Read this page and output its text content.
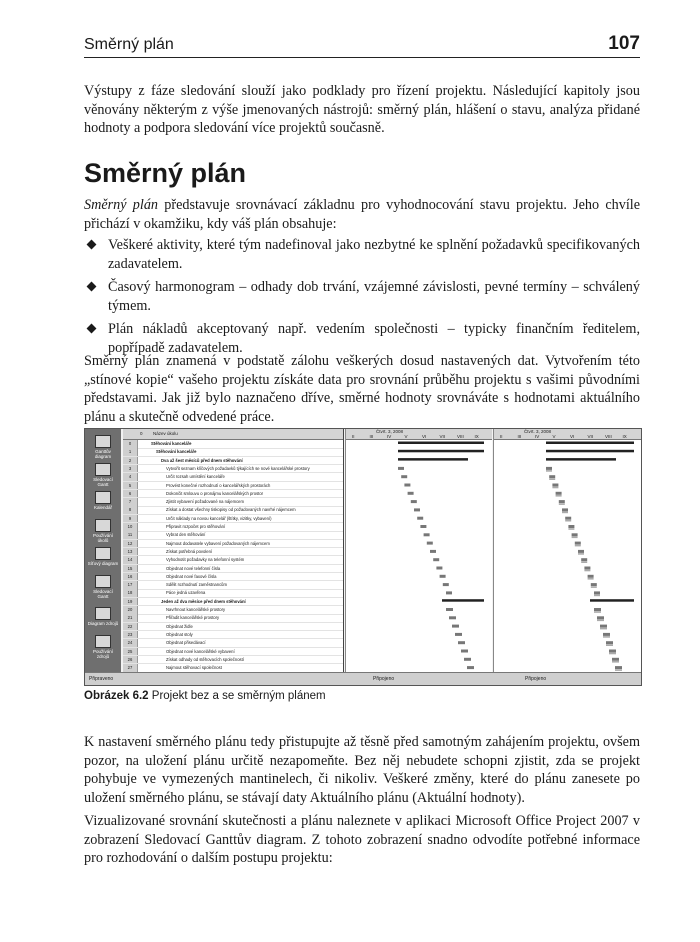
Směrný plán	107

Výstupy z fáze sledování slouží jako podklady pro řízení projektu. Následující kapitoly jsou věnovány některým z výše jmenovaných nástrojů: směrný plán, hlášení o stavu, analýza přidané hodnoty a podpora sledování více projektů současně.

Směrný plán

Směrný plán představuje srovnávací základnu pro vyhodnocování stavu projektu. Jeho chvíle přichází v okamžiku, kdy váš plán obsahuje:

Veškeré aktivity, které tým nadefinoval jako nezbytné ke splnění požadavků specifikovaných zadavatelem.
Časový harmonogram – odhady dob trvání, vzájemné závislosti, pevné termíny – schválený týmem.
Plán nákladů akceptovaný např. vedením společnosti – typicky finančním ředitelem, popřípadě zadavatelem.

Směrný plán znamená v podstatě zálohu veškerých dosud nastavených dat. Vytvořením této „stínové kopie“ vašeho projektu získáte data pro srovnání průběhu projektu s vašimi původními představami. Jak již bylo naznačeno dříve, směrné hodnoty srovnáváte s hodnotami aktuálního plánu a skutečně odvedené práce.

Ganttův diagram
Sledovací Gantt
Kalendář
Používání úkolů
Síťový diagram
Sledovací Gantt
Diagram zdrojů
Používání zdrojů
0 Název úkolu
0	Stěhování kanceláře
1	Stěhování kanceláře
2	Dva až šest měsíců před dnem stěhování
3	Vytvořit seznam klíčových požadavků týkajících se nové kancelářské prostory
4	Určit rozsah umístění kanceláře
5	Provést konečné rozhodnutí o kancelářských prostorách
6	Dokončit smlouvu o pronájmu kancelářských prostor
7	Zjistit vybavení požadované na nájemcem
8	Získat a dostat všechny tiskopisy od požadovaných navrhé nájemcem
9	Určit náklady na novou kancelář (štítky, vizitky, vybavení)
10	Připravit rozpočet pro stěhování
11	Vybrat den stěhování
12	Najmout dodavatele vybavení požadovaných nájemcem
13	Získat potřebná povolení
14	Vyhodnotit požadavky na telefonní systém
15	Objednat nové telefonní čísla
16	Objednat nové faxové čísla
17	Sdělit rozhodnutí zaměstnancům
18	Páce jedná uzavřena
19	Jeden až dva měsíce před dnem stěhování
20	Navrhnout kancelářské prostory
21	Přiřadit kancelářské prostory
22	Objednat židle
23	Objednat stoly
24	Objednat přisedávací
25	Objednat nové kancelářské vybavení
26	Získat odhady od stěhovacích společností
27	Najmout stěhovací společnost
Čtvrt. 3, 2008
II	III	IV	V	VI	VII	VIII IX
Čtvrt. 3, 2008
II	III	IV	V	VI	VII	VIII IX
Připraveno	Připojeno	Připojeno

Obrázek 6.2 Projekt bez a se směrným plánem

K nastavení směrného plánu tedy přistupujte až těsně před samotným zahájením projektu, ovšem pozor, na uložení plánu určitě nezapomeňte. Bez něj nebudete schopni zjistit, zda se projekt pohybuje ve vymezených mantinelech, či nikoliv. Veškeré změny, které do plánu zanesete po uložení směrného plánu, se stávají daty Aktuálního plánu (Aktuální hodnoty).

Vizualizované srovnání skutečnosti a plánu naleznete v aplikaci Microsoft Office Project 2007 v zobrazení Sledovací Ganttův diagram. Z tohoto zobrazení snadno odvodíte potřebné informace pro rozhodování o dalším postupu projektu:
